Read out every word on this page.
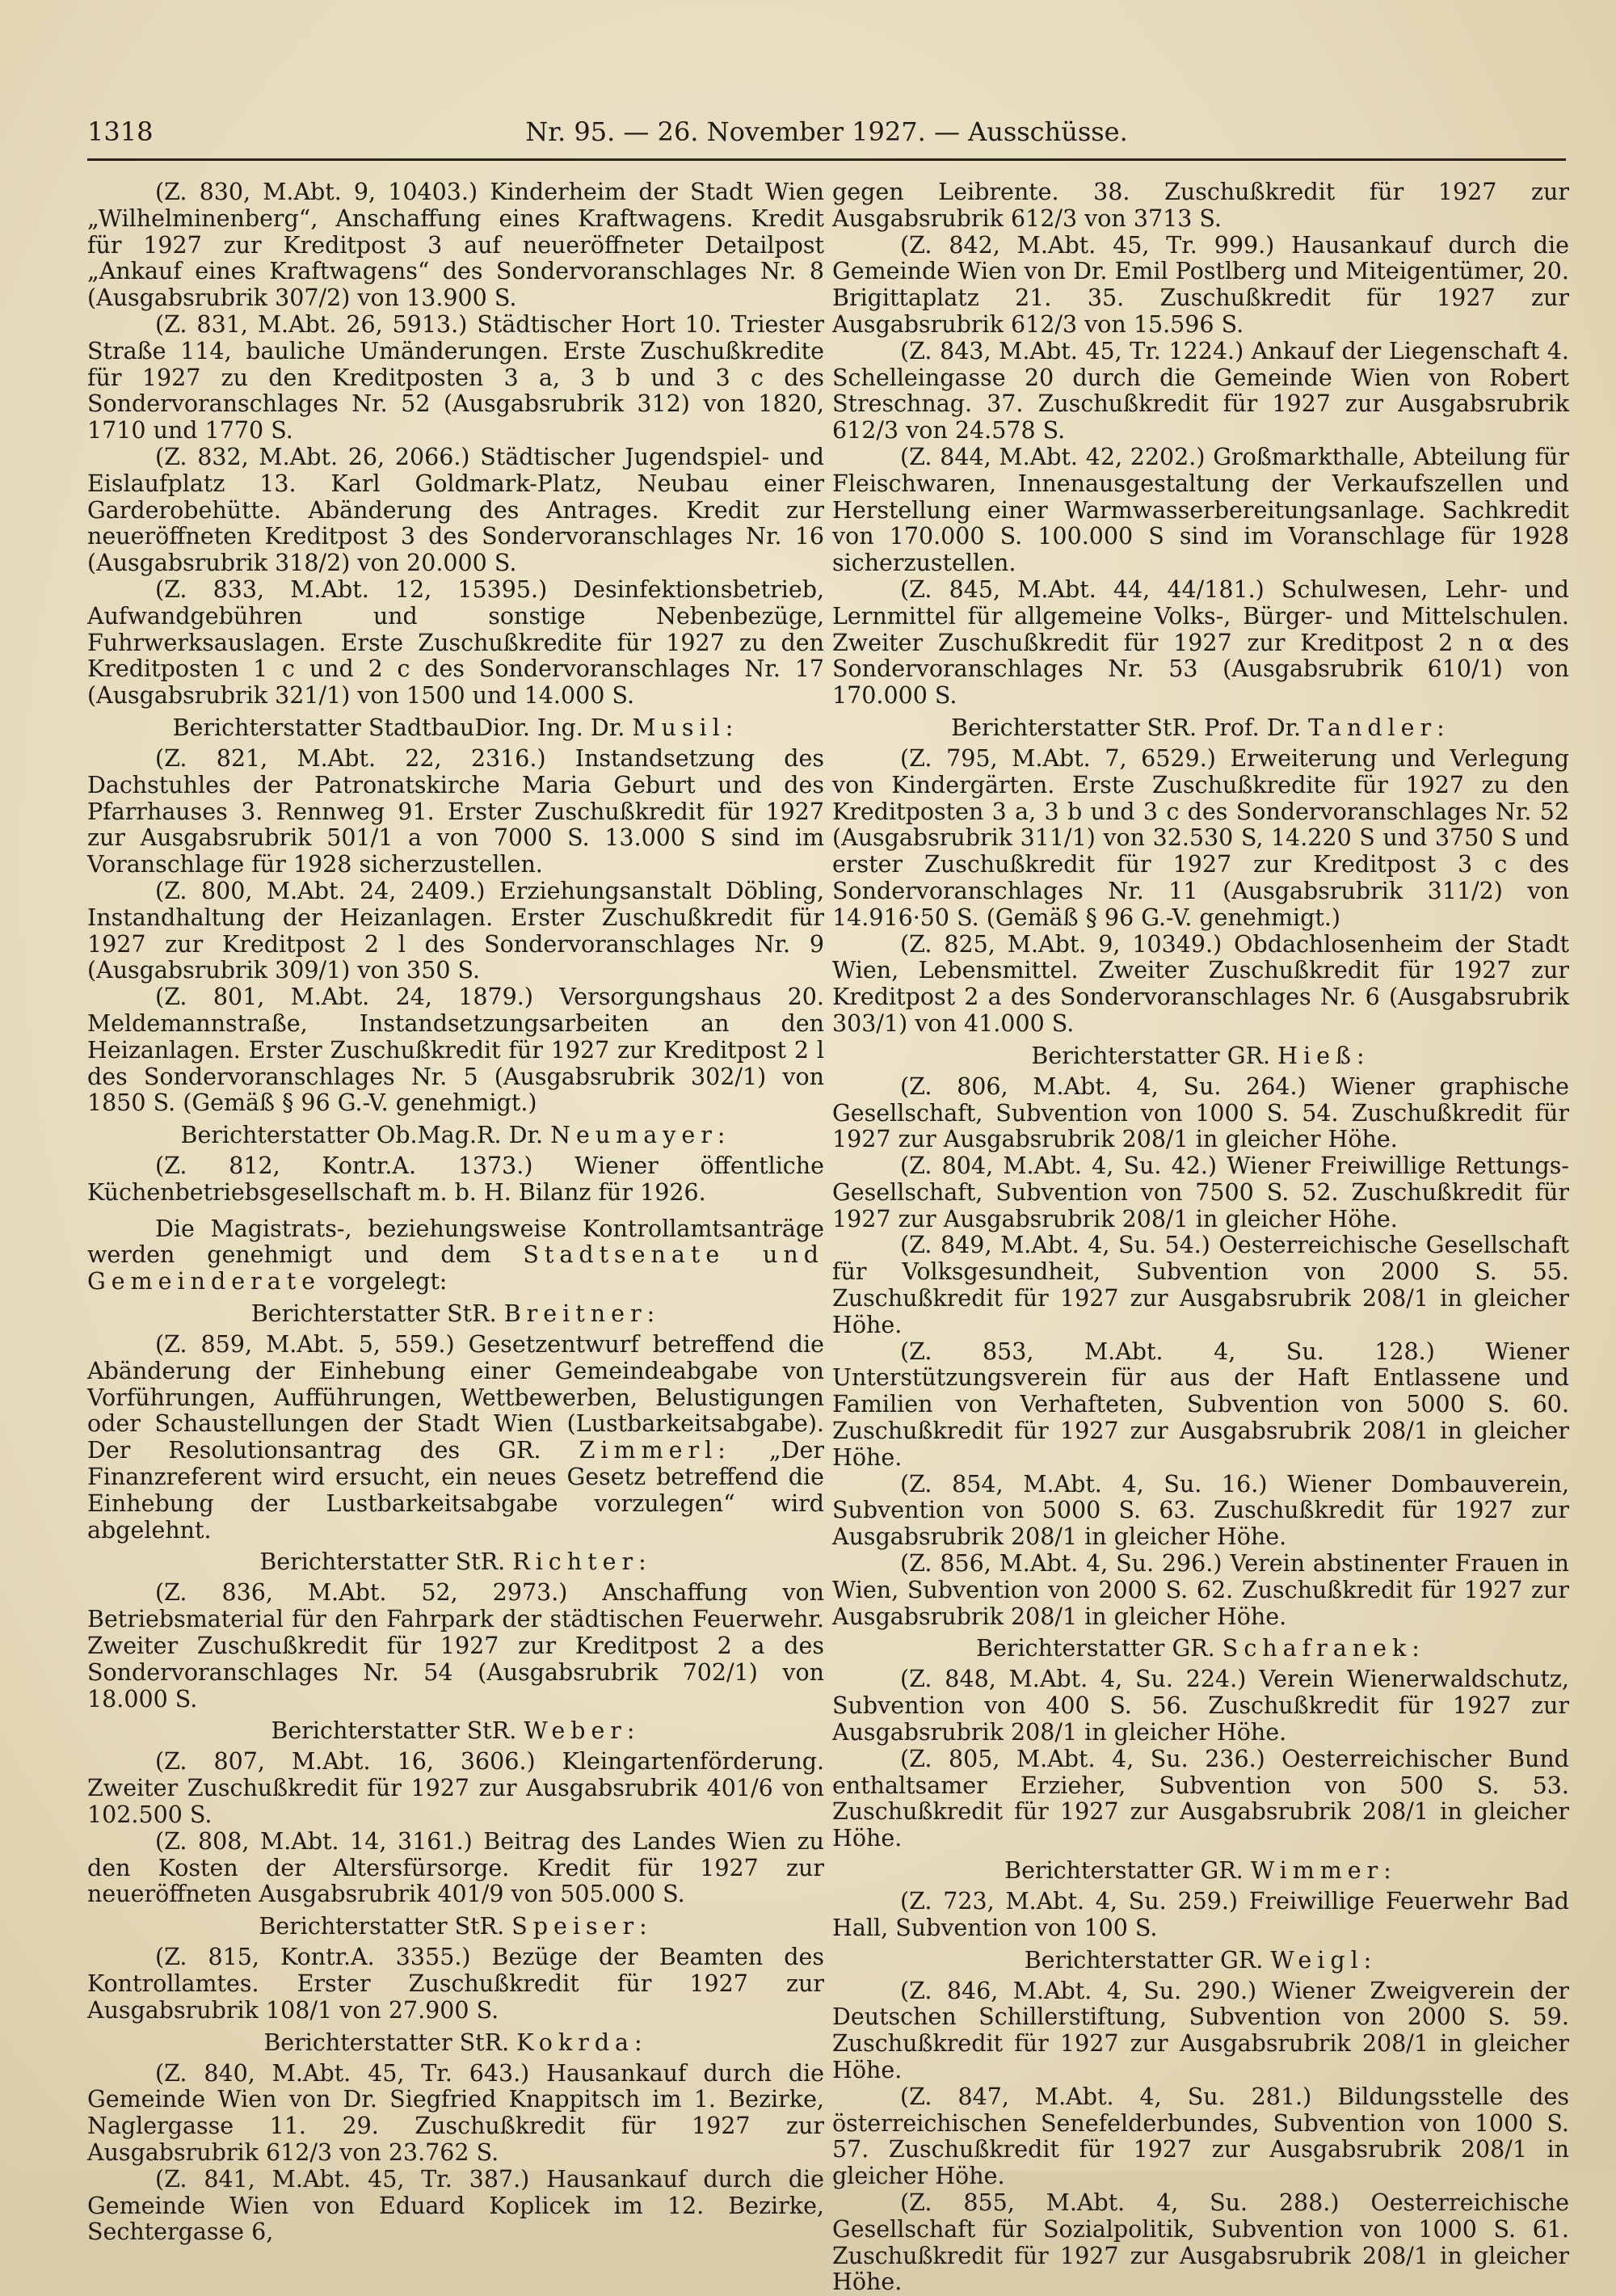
1318	Nr. 95. — 26. November 1927. — Ausschüsse.

(Z. 830, M.Abt. 9, 10403.) Kinderheim der Stadt Wien „Wilhelminenberg“, Anschaffung eines Kraftwagens. Kredit für 1927 zur Kreditpost 3 auf neueröffneter Detailpost „Ankauf eines Kraftwagens“ des Sondervoranschlages Nr. 8 (Ausgabsrubrik 307/2) von 13.900 S.

(Z. 831, M.Abt. 26, 5913.) Städtischer Hort 10. Triester Straße 114, bauliche Umänderungen. Erste Zuschußkredite für 1927 zu den Kreditposten 3 a, 3 b und 3 c des Sondervoranschlages Nr. 52 (Ausgabsrubrik 312) von 1820, 1710 und 1770 S.

(Z. 832, M.Abt. 26, 2066.) Städtischer Jugendspiel- und Eislaufplatz 13. Karl Goldmark-Platz, Neubau einer Garderobehütte. Abänderung des Antrages. Kredit zur neueröffneten Kreditpost 3 des Sondervoranschlages Nr. 16 (Ausgabsrubrik 318/2) von 20.000 S.

(Z. 833, M.Abt. 12, 15395.) Desinfektionsbetrieb, Aufwandgebühren und sonstige Nebenbezüge, Fuhrwerksauslagen. Erste Zuschußkredite für 1927 zu den Kreditposten 1 c und 2 c des Sondervoranschlages Nr. 17 (Ausgabsrubrik 321/1) von 1500 und 14.000 S.

Berichterstatter StadtbauDior. Ing. Dr. Musil:

(Z. 821, M.Abt. 22, 2316.) Instandsetzung des Dachstuhles der Patronatskirche Maria Geburt und des Pfarrhauses 3. Rennweg 91. Erster Zuschußkredit für 1927 zur Ausgabsrubrik 501/1 a von 7000 S. 13.000 S sind im Voranschlage für 1928 sicherzustellen.

(Z. 800, M.Abt. 24, 2409.) Erziehungsanstalt Döbling, Instandhaltung der Heizanlagen. Erster Zuschußkredit für 1927 zur Kreditpost 2 l des Sondervoranschlages Nr. 9 (Ausgabsrubrik 309/1) von 350 S.

(Z. 801, M.Abt. 24, 1879.) Versorgungshaus 20. Meldemannstraße, Instandsetzungsarbeiten an den Heizanlagen. Erster Zuschußkredit für 1927 zur Kreditpost 2 l des Sondervoranschlages Nr. 5 (Ausgabsrubrik 302/1) von 1850 S. (Gemäß § 96 G.-V. genehmigt.)

Berichterstatter Ob.Mag.R. Dr. Neumayer:

(Z. 812, Kontr.A. 1373.) Wiener öffentliche Küchenbetriebsgesellschaft m. b. H. Bilanz für 1926.

Die Magistrats-, beziehungsweise Kontrollamtsanträge werden genehmigt und dem Stadtsenate und Gemeinderate vorgelegt:

Berichterstatter StR. Breitner:

(Z. 859, M.Abt. 5, 559.) Gesetzentwurf betreffend die Abänderung der Einhebung einer Gemeindeabgabe von Vorführungen, Aufführungen, Wettbewerben, Belustigungen oder Schaustellungen der Stadt Wien (Lustbarkeitsabgabe). Der Resolutionsantrag des GR. Zimmerl: „Der Finanzreferent wird ersucht, ein neues Gesetz betreffend die Einhebung der Lustbarkeitsabgabe vorzulegen“ wird abgelehnt.

Berichterstatter StR. Richter:

(Z. 836, M.Abt. 52, 2973.) Anschaffung von Betriebsmaterial für den Fahrpark der städtischen Feuerwehr. Zweiter Zuschußkredit für 1927 zur Kreditpost 2 a des Sondervoranschlages Nr. 54 (Ausgabsrubrik 702/1) von 18.000 S.

Berichterstatter StR. Weber:

(Z. 807, M.Abt. 16, 3606.) Kleingartenförderung. Zweiter Zuschußkredit für 1927 zur Ausgabsrubrik 401/6 von 102.500 S.

(Z. 808, M.Abt. 14, 3161.) Beitrag des Landes Wien zu den Kosten der Altersfürsorge. Kredit für 1927 zur neueröffneten Ausgabsrubrik 401/9 von 505.000 S.

Berichterstatter StR. Speiser:

(Z. 815, Kontr.A. 3355.) Bezüge der Beamten des Kontrollamtes. Erster Zuschußkredit für 1927 zur Ausgabsrubrik 108/1 von 27.900 S.

Berichterstatter StR. Kokrda:

(Z. 840, M.Abt. 45, Tr. 643.) Hausankauf durch die Gemeinde Wien von Dr. Siegfried Knappitsch im 1. Bezirke, Naglergasse 11. 29. Zuschußkredit für 1927 zur Ausgabsrubrik 612/3 von 23.762 S.

(Z. 841, M.Abt. 45, Tr. 387.) Hausankauf durch die Gemeinde Wien von Eduard Koplicek im 12. Bezirke, Sechtergasse 6,

gegen Leibrente. 38. Zuschußkredit für 1927 zur Ausgabsrubrik 612/3 von 3713 S.

(Z. 842, M.Abt. 45, Tr. 999.) Hausankauf durch die Gemeinde Wien von Dr. Emil Postlberg und Miteigentümer, 20. Brigittaplatz 21. 35. Zuschußkredit für 1927 zur Ausgabsrubrik 612/3 von 15.596 S.

(Z. 843, M.Abt. 45, Tr. 1224.) Ankauf der Liegenschaft 4. Schelleingasse 20 durch die Gemeinde Wien von Robert Streschnag. 37. Zuschußkredit für 1927 zur Ausgabsrubrik 612/3 von 24.578 S.

(Z. 844, M.Abt. 42, 2202.) Großmarkthalle, Abteilung für Fleischwaren, Innenausgestaltung der Verkaufszellen und Herstellung einer Warmwasserbereitungsanlage. Sachkredit von 170.000 S. 100.000 S sind im Voranschlage für 1928 sicherzustellen.

(Z. 845, M.Abt. 44, 44/181.) Schulwesen, Lehr- und Lernmittel für allgemeine Volks-, Bürger- und Mittelschulen. Zweiter Zuschußkredit für 1927 zur Kreditpost 2 n α des Sondervoranschlages Nr. 53 (Ausgabsrubrik 610/1) von 170.000 S.

Berichterstatter StR. Prof. Dr. Tandler:

(Z. 795, M.Abt. 7, 6529.) Erweiterung und Verlegung von Kindergärten. Erste Zuschußkredite für 1927 zu den Kreditposten 3 a, 3 b und 3 c des Sondervoranschlages Nr. 52 (Ausgabsrubrik 311/1) von 32.530 S, 14.220 S und 3750 S und erster Zuschußkredit für 1927 zur Kreditpost 3 c des Sondervoranschlages Nr. 11 (Ausgabsrubrik 311/2) von 14.916·50 S. (Gemäß § 96 G.-V. genehmigt.)

(Z. 825, M.Abt. 9, 10349.) Obdachlosenheim der Stadt Wien, Lebensmittel. Zweiter Zuschußkredit für 1927 zur Kreditpost 2 a des Sondervoranschlages Nr. 6 (Ausgabsrubrik 303/1) von 41.000 S.

Berichterstatter GR. Hieß:

(Z. 806, M.Abt. 4, Su. 264.) Wiener graphische Gesellschaft, Subvention von 1000 S. 54. Zuschußkredit für 1927 zur Ausgabsrubrik 208/1 in gleicher Höhe.

(Z. 804, M.Abt. 4, Su. 42.) Wiener Freiwillige Rettungs-Gesellschaft, Subvention von 7500 S. 52. Zuschußkredit für 1927 zur Ausgabsrubrik 208/1 in gleicher Höhe.

(Z. 849, M.Abt. 4, Su. 54.) Oesterreichische Gesellschaft für Volksgesundheit, Subvention von 2000 S. 55. Zuschußkredit für 1927 zur Ausgabsrubrik 208/1 in gleicher Höhe.

(Z. 853, M.Abt. 4, Su. 128.) Wiener Unterstützungsverein für aus der Haft Entlassene und Familien von Verhafteten, Subvention von 5000 S. 60. Zuschußkredit für 1927 zur Ausgabsrubrik 208/1 in gleicher Höhe.

(Z. 854, M.Abt. 4, Su. 16.) Wiener Dombauverein, Subvention von 5000 S. 63. Zuschußkredit für 1927 zur Ausgabsrubrik 208/1 in gleicher Höhe.

(Z. 856, M.Abt. 4, Su. 296.) Verein abstinenter Frauen in Wien, Subvention von 2000 S. 62. Zuschußkredit für 1927 zur Ausgabsrubrik 208/1 in gleicher Höhe.

Berichterstatter GR. Schafranek:

(Z. 848, M.Abt. 4, Su. 224.) Verein Wienerwaldschutz, Subvention von 400 S. 56. Zuschußkredit für 1927 zur Ausgabsrubrik 208/1 in gleicher Höhe.

(Z. 805, M.Abt. 4, Su. 236.) Oesterreichischer Bund enthaltsamer Erzieher, Subvention von 500 S. 53. Zuschußkredit für 1927 zur Ausgabsrubrik 208/1 in gleicher Höhe.

Berichterstatter GR. Wimmer:

(Z. 723, M.Abt. 4, Su. 259.) Freiwillige Feuerwehr Bad Hall, Subvention von 100 S.

Berichterstatter GR. Weigl:

(Z. 846, M.Abt. 4, Su. 290.) Wiener Zweigverein der Deutschen Schillerstiftung, Subvention von 2000 S. 59. Zuschußkredit für 1927 zur Ausgabsrubrik 208/1 in gleicher Höhe.

(Z. 847, M.Abt. 4, Su. 281.) Bildungsstelle des österreichischen Senefelderbundes, Subvention von 1000 S. 57. Zuschußkredit für 1927 zur Ausgabsrubrik 208/1 in gleicher Höhe.

(Z. 855, M.Abt. 4, Su. 288.) Oesterreichische Gesellschaft für Sozialpolitik, Subvention von 1000 S. 61. Zuschußkredit für 1927 zur Ausgabsrubrik 208/1 in gleicher Höhe.
